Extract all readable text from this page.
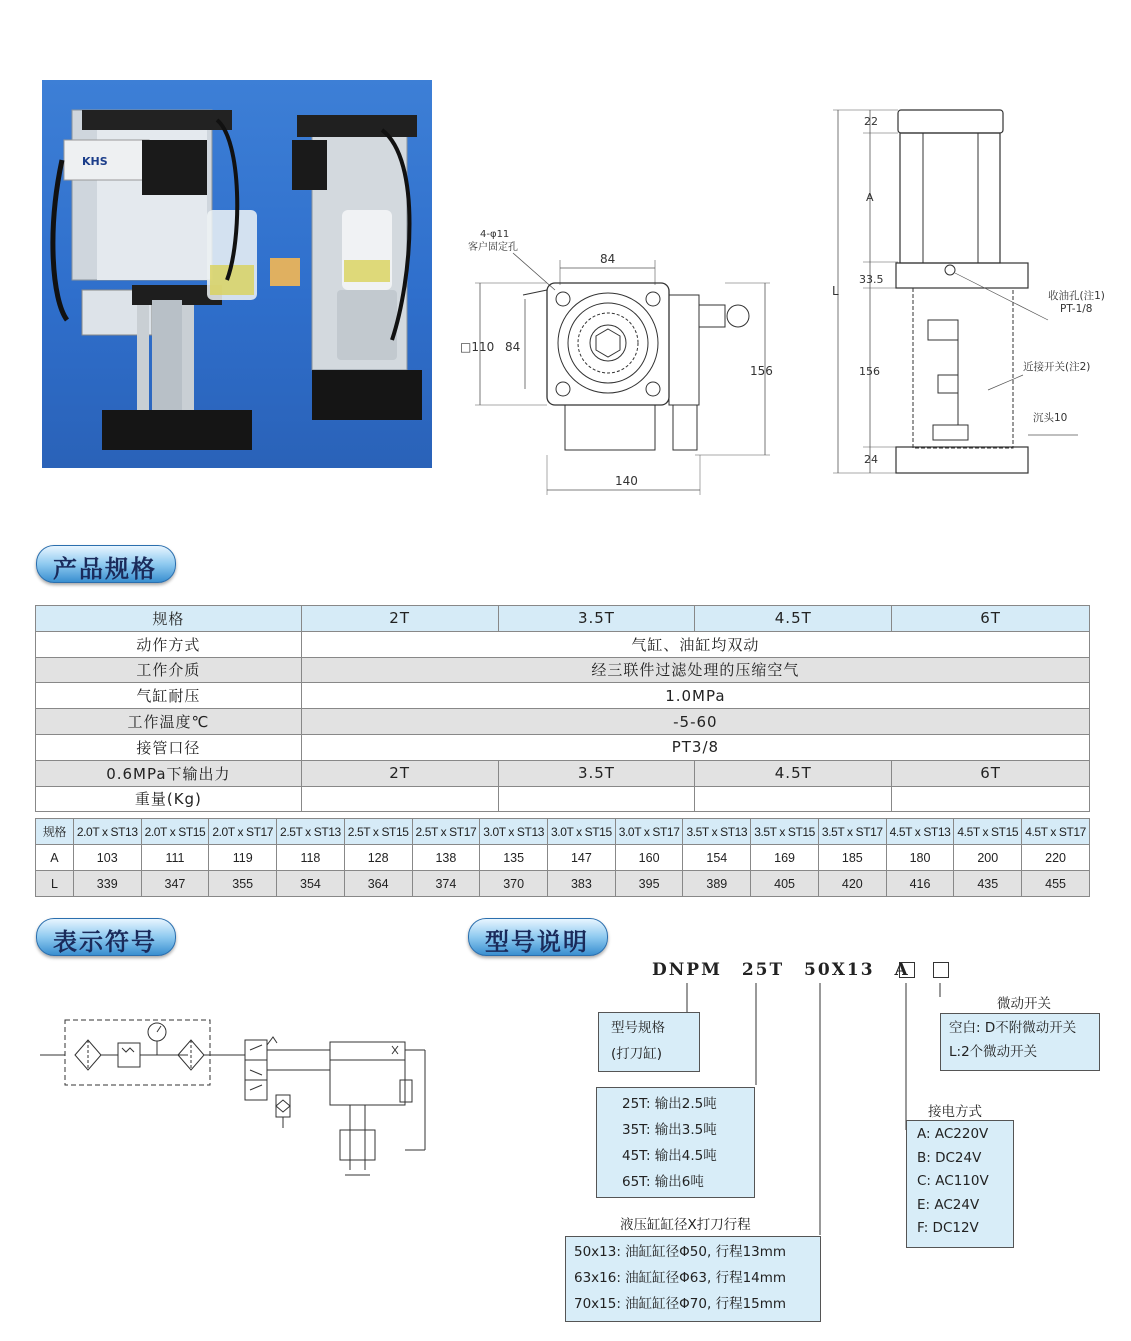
KHS
4-φ11
客户固定孔
84
□110 84
156
140
L
22
A
33.5
156
24
收油孔(注1)
PT-1/8
近接开关(注2)
沉头10
产品规格
规格	2T	3.5T	4.5T	6T
动作方式	气缸、油缸均双动			
工作介质	经三联件过滤处理的压缩空气			
气缸耐压	1.0MPa			
工作温度℃	-5-60			
接管口径	PT3/8			
0.6MPa下输出力	2T	3.5T	4.5T	6T
重量(Kg)				
规格	2.0T x ST13	2.0T x ST15	2.0T x ST17	2.5T x ST13	2.5T x ST15	2.5T x ST17	3.0T x ST13	3.0T x ST15	3.0T x ST17	3.5T x ST13	3.5T x ST15	3.5T x ST17	4.5T x ST13	4.5T x ST15	4.5T x ST17
A	103	111	119	118	128	138	135	147	160	154	169	185	180	200	220
L	339	347	355	354	364	374	370	383	395	389	405	420	416	435	455
表示符号	型号说明
DNPM 25T 50X13 A
型号规格
(打刀缸)
25T: 输出2.5吨
35T: 输出3.5吨
45T: 输出4.5吨
65T: 输出6吨
液压缸缸径X打刀行程
50x13: 油缸缸径Φ50, 行程13mm
63x16: 油缸缸径Φ63, 行程14mm
70x15: 油缸缸径Φ70, 行程15mm
接电方式
A: AC220V
B: DC24V
C: AC110V
E: AC24V
F: DC12V
微动开关
空白: D不附微动开关
L:2个微动开关
